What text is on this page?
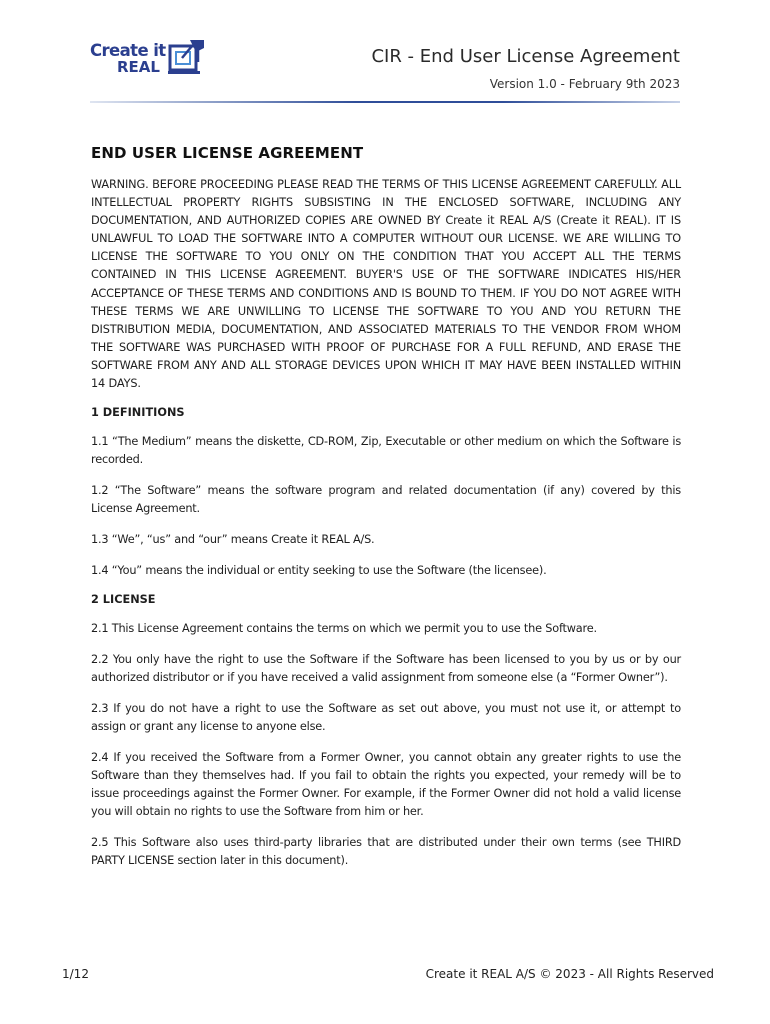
Create it
REAL	CIR - End User License Agreement
Version 1.0 - February 9th 2023
END USER LICENSE AGREEMENT
WARNING. BEFORE PROCEEDING PLEASE READ THE TERMS OF THIS LICENSE AGREEMENT CAREFULLY. ALL INTELLECTUAL PROPERTY RIGHTS SUBSISTING IN THE ENCLOSED SOFTWARE, INCLUDING ANY DOCUMENTATION, AND AUTHORIZED COPIES ARE OWNED BY Create it REAL A/S (Create it REAL). IT IS UNLAWFUL TO LOAD THE SOFTWARE INTO A COMPUTER WITHOUT OUR LICENSE. WE ARE WILLING TO LICENSE THE SOFTWARE TO YOU ONLY ON THE CONDITION THAT YOU ACCEPT ALL THE TERMS CONTAINED IN THIS LICENSE AGREEMENT. BUYER'S USE OF THE SOFTWARE INDICATES HIS/HER ACCEPTANCE OF THESE TERMS AND CONDITIONS AND IS BOUND TO THEM. IF YOU DO NOT AGREE WITH THESE TERMS WE ARE UNWILLING TO LICENSE THE SOFTWARE TO YOU AND YOU RETURN THE DISTRIBUTION MEDIA, DOCUMENTATION, AND ASSOCIATED MATERIALS TO THE VENDOR FROM WHOM THE SOFTWARE WAS PURCHASED WITH PROOF OF PURCHASE FOR A FULL REFUND, AND ERASE THE SOFTWARE FROM ANY AND ALL STORAGE DEVICES UPON WHICH IT MAY HAVE BEEN INSTALLED WITHIN 14 DAYS.
1 DEFINITIONS
1.1 “The Medium” means the diskette, CD-ROM, Zip, Executable or other medium on which the Software is recorded.
1.2 “The Software” means the software program and related documentation (if any) covered by this License Agreement.
1.3 “We”, “us” and “our” means Create it REAL A/S.
1.4 “You” means the individual or entity seeking to use the Software (the licensee).
2 LICENSE
2.1 This License Agreement contains the terms on which we permit you to use the Software.
2.2 You only have the right to use the Software if the Software has been licensed to you by us or by our authorized distributor or if you have received a valid assignment from someone else (a “Former Owner”).
2.3 If you do not have a right to use the Software as set out above, you must not use it, or attempt to assign or grant any license to anyone else.
2.4 If you received the Software from a Former Owner, you cannot obtain any greater rights to use the Software than they themselves had. If you fail to obtain the rights you expected, your remedy will be to issue proceedings against the Former Owner. For example, if the Former Owner did not hold a valid license you will obtain no rights to use the Software from him or her.
2.5 This Software also uses third-party libraries that are distributed under their own terms (see THIRD PARTY LICENSE section later in this document).
1/12	Create it REAL A/S © 2023 - All Rights Reserved
